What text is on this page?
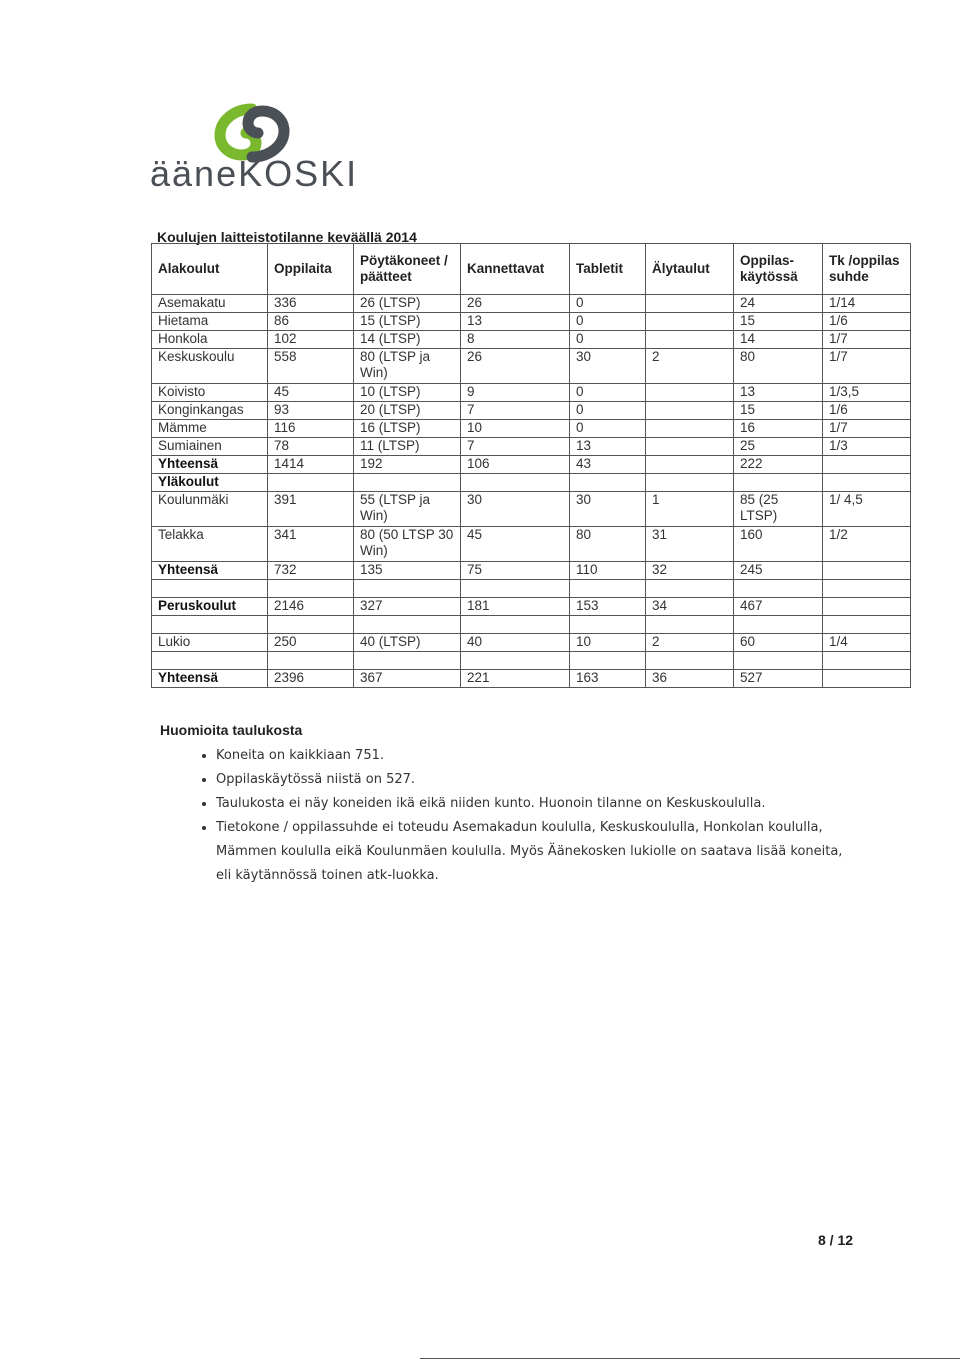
ääneKOSKI
Koulujen laitteistotilanne keväällä 2014
Alakoulut	Oppilaita	Pöytäkoneet / päätteet	Kannettavat	Tabletit	Älytaulut	Oppilas-käytössä	Tk /oppilas suhde
Asemakatu	336	26 (LTSP)	26	0		24	1/14
Hietama	86	15 (LTSP)	13	0		15	1/6
Honkola	102	14 (LTSP)	8	0		14	1/7
Keskuskoulu	558	80 (LTSP ja Win)	26	30	2	80	1/7
Koivisto	45	10 (LTSP)	9	0		13	1/3,5
Konginkangas	93	20 (LTSP)	7	0		15	1/6
Mämme	116	16 (LTSP)	10	0		16	1/7
Sumiainen	78	11 (LTSP)	7	13		25	1/3
Yhteensä	1414	192	106	43		222	
Yläkoulut							
Koulunmäki	391	55 (LTSP ja Win)	30	30	1	85 (25 LTSP)	1/ 4,5
Telakka	341	80 (50 LTSP 30 Win)	45	80	31	160	1/2
Yhteensä	732	135	75	110	32	245	

Peruskoulut	2146	327	181	153	34	467	

Lukio	250	40 (LTSP)	40	10	2	60	1/4

Yhteensä	2396	367	221	163	36	527	
Huomioita taulukosta
• Koneita on kaikkiaan 751.
• Oppilaskäytössä niistä on 527.
• Taulukosta ei näy koneiden ikä eikä niiden kunto. Huonoin tilanne on Keskuskoululla.
• Tietokone / oppilassuhde ei toteudu Asemakadun koululla, Keskuskoululla, Honkolan koululla, Mämmen koululla eikä Koulunmäen koululla. Myös Äänekosken lukiolle on saatava lisää koneita, eli käytännössä toinen atk-luokka.
8 / 12
